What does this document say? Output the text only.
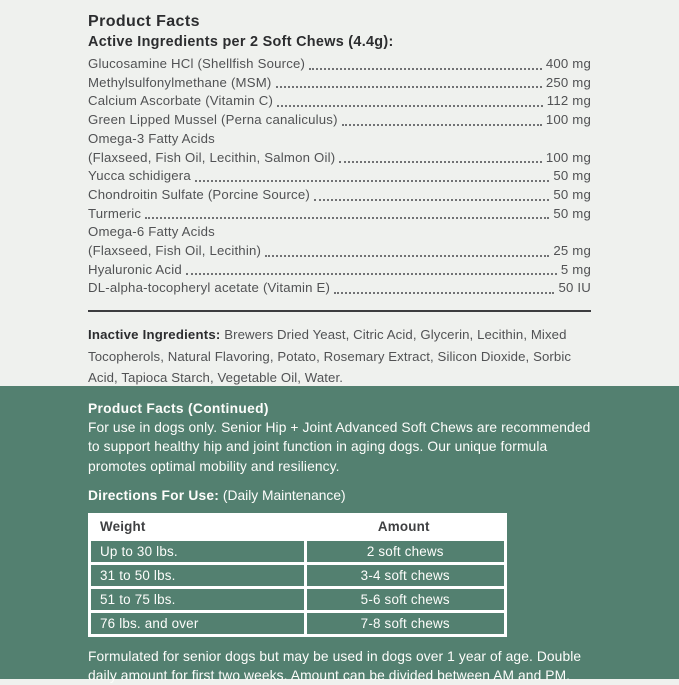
Product Facts
Active Ingredients per 2 Soft Chews (4.4g):
Glucosamine HCl (Shellfish Source)	400 mg
Methylsulfonylmethane (MSM)	250 mg
Calcium Ascorbate (Vitamin C)	112 mg
Green Lipped Mussel (Perna canaliculus)	100 mg
Omega-3 Fatty Acids
(Flaxseed, Fish Oil, Lecithin, Salmon Oil)	100 mg
Yucca schidigera	50 mg
Chondroitin Sulfate (Porcine Source)	50 mg
Turmeric	50 mg
Omega-6 Fatty Acids
(Flaxseed, Fish Oil, Lecithin)	25 mg
Hyaluronic Acid	5 mg
DL-alpha-tocopheryl acetate (Vitamin E)	50 IU

Inactive Ingredients: Brewers Dried Yeast, Citric Acid, Glycerin, Lecithin, Mixed Tocopherols, Natural Flavoring, Potato, Rosemary Extract, Silicon Dioxide, Sorbic Acid, Tapioca Starch, Vegetable Oil, Water.

Product Facts (Continued)

For use in dogs only. Senior Hip + Joint Advanced Soft Chews are recommended to support healthy hip and joint function in aging dogs. Our unique formula promotes optimal mobility and resiliency.

Directions For Use: (Daily Maintenance)

Weight	Amount
Up to 30 lbs.	2 soft chews
31 to 50 lbs.	3-4 soft chews
51 to 75 lbs.	5-6 soft chews
76 lbs. and over	7-8 soft chews

Formulated for senior dogs but may be used in dogs over 1 year of age. Double daily amount for first two weeks. Amount can be divided between AM and PM.
